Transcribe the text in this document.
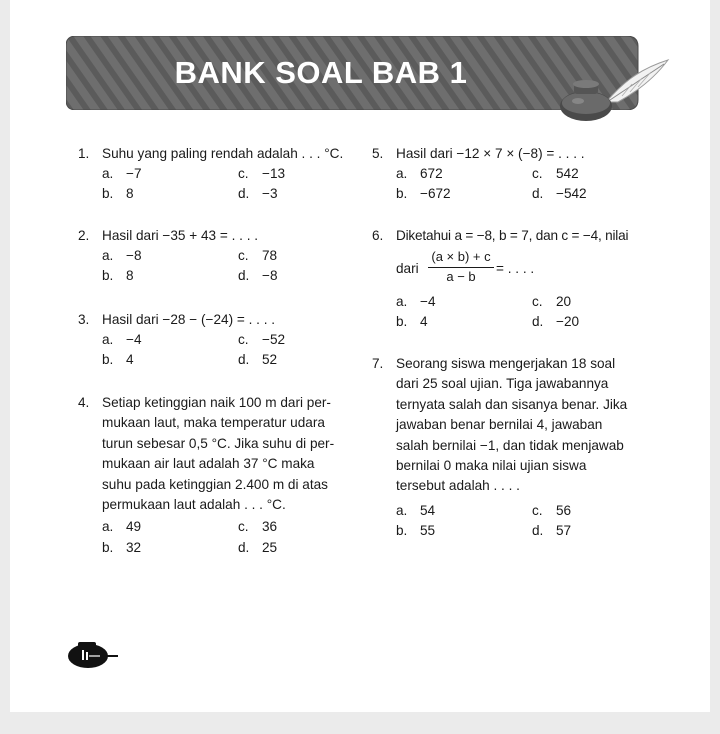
BANK SOAL BAB 1
1. Suhu yang paling rendah adalah . . . °C.
a. −7	c. −13
b. 8	d. −3
2. Hasil dari −35 + 43 = . . . .
a. −8	c. 78
b. 8	d. −8
3. Hasil dari −28 − (−24) = . . . .
a. −4	c. −52
b. 4	d. 52
4. Setiap ketinggian naik 100 m dari per-
mukaan laut, maka temperatur udara
turun sebesar 0,5 °C. Jika suhu di per-
mukaan air laut adalah 37 °C maka
suhu pada ketinggian 2.400 m di atas
permukaan laut adalah . . . °C.
a. 49	c. 36
b. 32	d. 25
5. Hasil dari −12 × 7 × (−8) = . . . .
a. 672	c. 542
b. −672	d. −542
6. Diketahui a = −8, b = 7, dan c = −4, nilai
dari
(a × b) + c
a − b
= . . . .
a. −4	c. 20
b. 4	d. −20
7. Seorang siswa mengerjakan 18 soal
dari 25 soal ujian. Tiga jawabannya
ternyata salah dan sisanya benar. Jika
jawaban benar bernilai 4, jawaban
salah bernilai −1, dan tidak menjawab
bernilai 0 maka nilai ujian siswa
tersebut adalah . . . .
a. 54	c. 56
b. 55	d. 57
